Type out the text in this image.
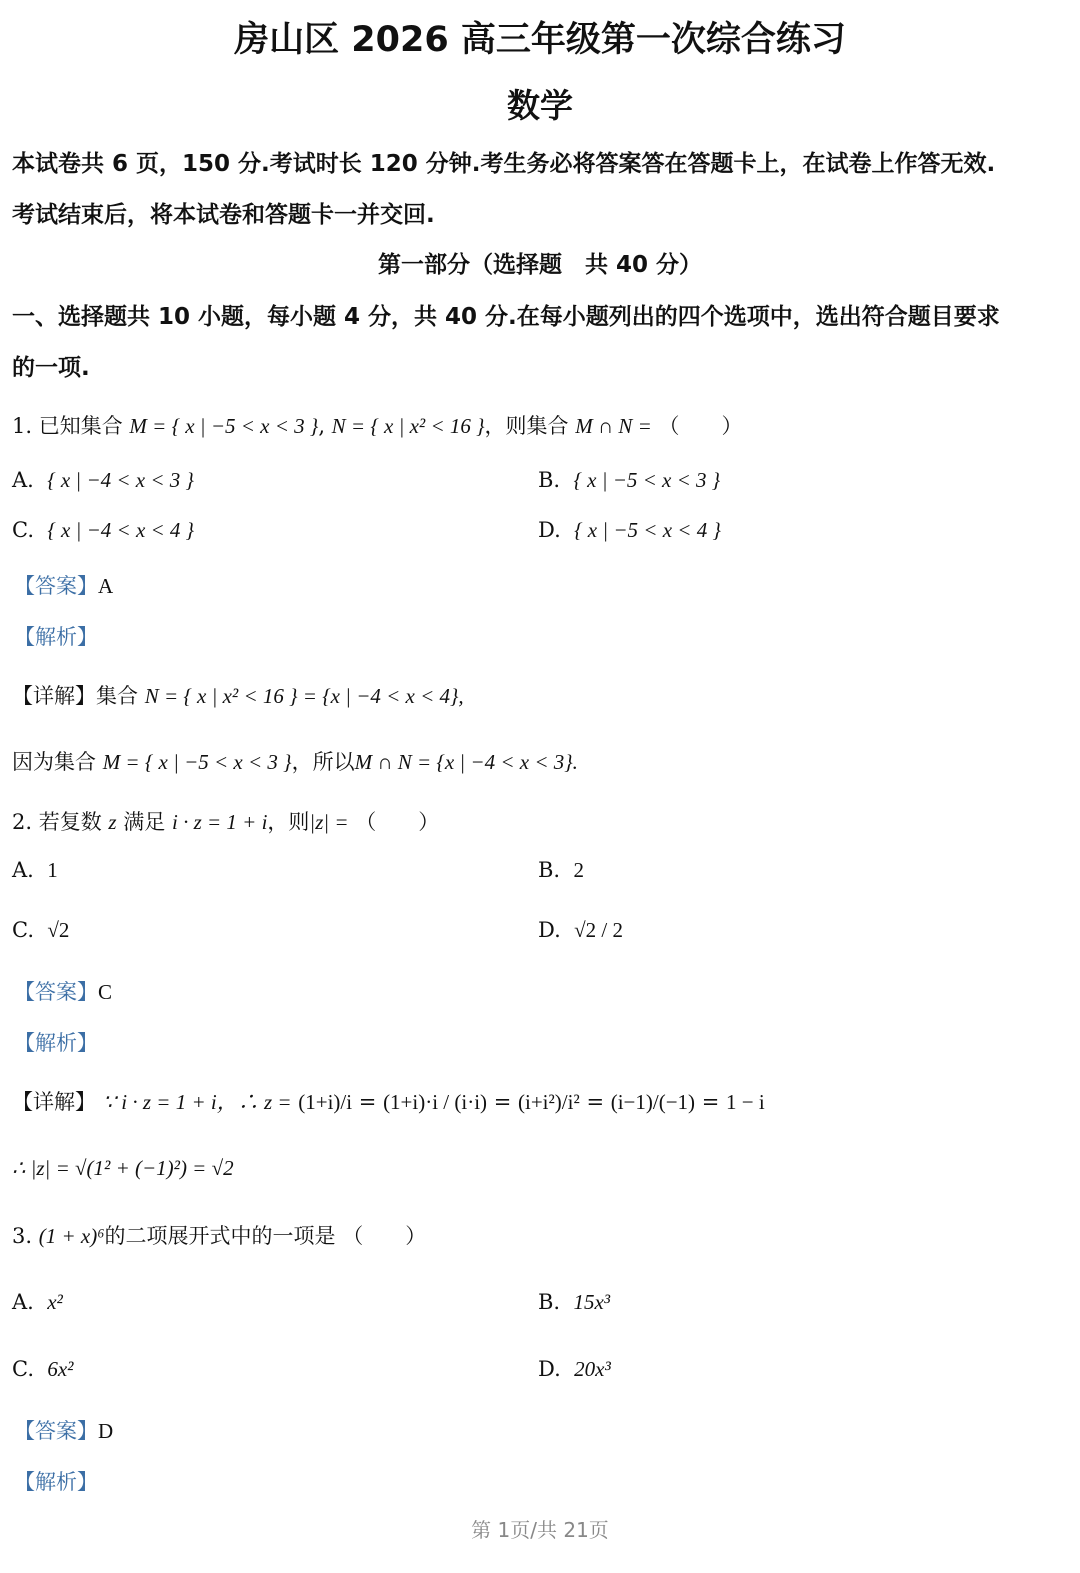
房山区 2026 高三年级第一次综合练习
数学
本试卷共 6 页，150 分.考试时长 120 分钟.考生务必将答案答在答题卡上，在试卷上作答无效.
考试结束后，将本试卷和答题卡一并交回.
第一部分（选择题　共 40 分）
一、选择题共 10 小题，每小题 4 分，共 40 分.在每小题列出的四个选项中，选出符合题目要求
的一项.
1. 已知集合 M = { x | −5 < x < 3 }, N = { x | x² < 16 }，则集合 M ∩ N = （　　）
A. { x | −4 < x < 3 }	B. { x | −5 < x < 3 }
C. { x | −4 < x < 4 }	D. { x | −5 < x < 4 }
【答案】A
【解析】
【详解】集合 N = { x | x² < 16 } = {x | −4 < x < 4},
因为集合 M = { x | −5 < x < 3 }，所以M ∩ N = {x | −4 < x < 3}.
2. 若复数 z 满足 i · z = 1 + i，则|z| = （　　）
A. 1	B. 2
C. √2	D. √2 / 2
【答案】C
【解析】
【详解】 ∵ i · z = 1 + i，∴ z = (1+i)/i = (1+i)·i / (i·i) = (i+i²)/i² = (i−1)/(−1) = 1 − i
∴ |z| = √(1² + (−1)²) = √2
3. (1 + x)⁶的二项展开式中的一项是 （　　）
A. x²	B. 15x³
C. 6x²	D. 20x³
【答案】D
【解析】
第 1页/共 21页
